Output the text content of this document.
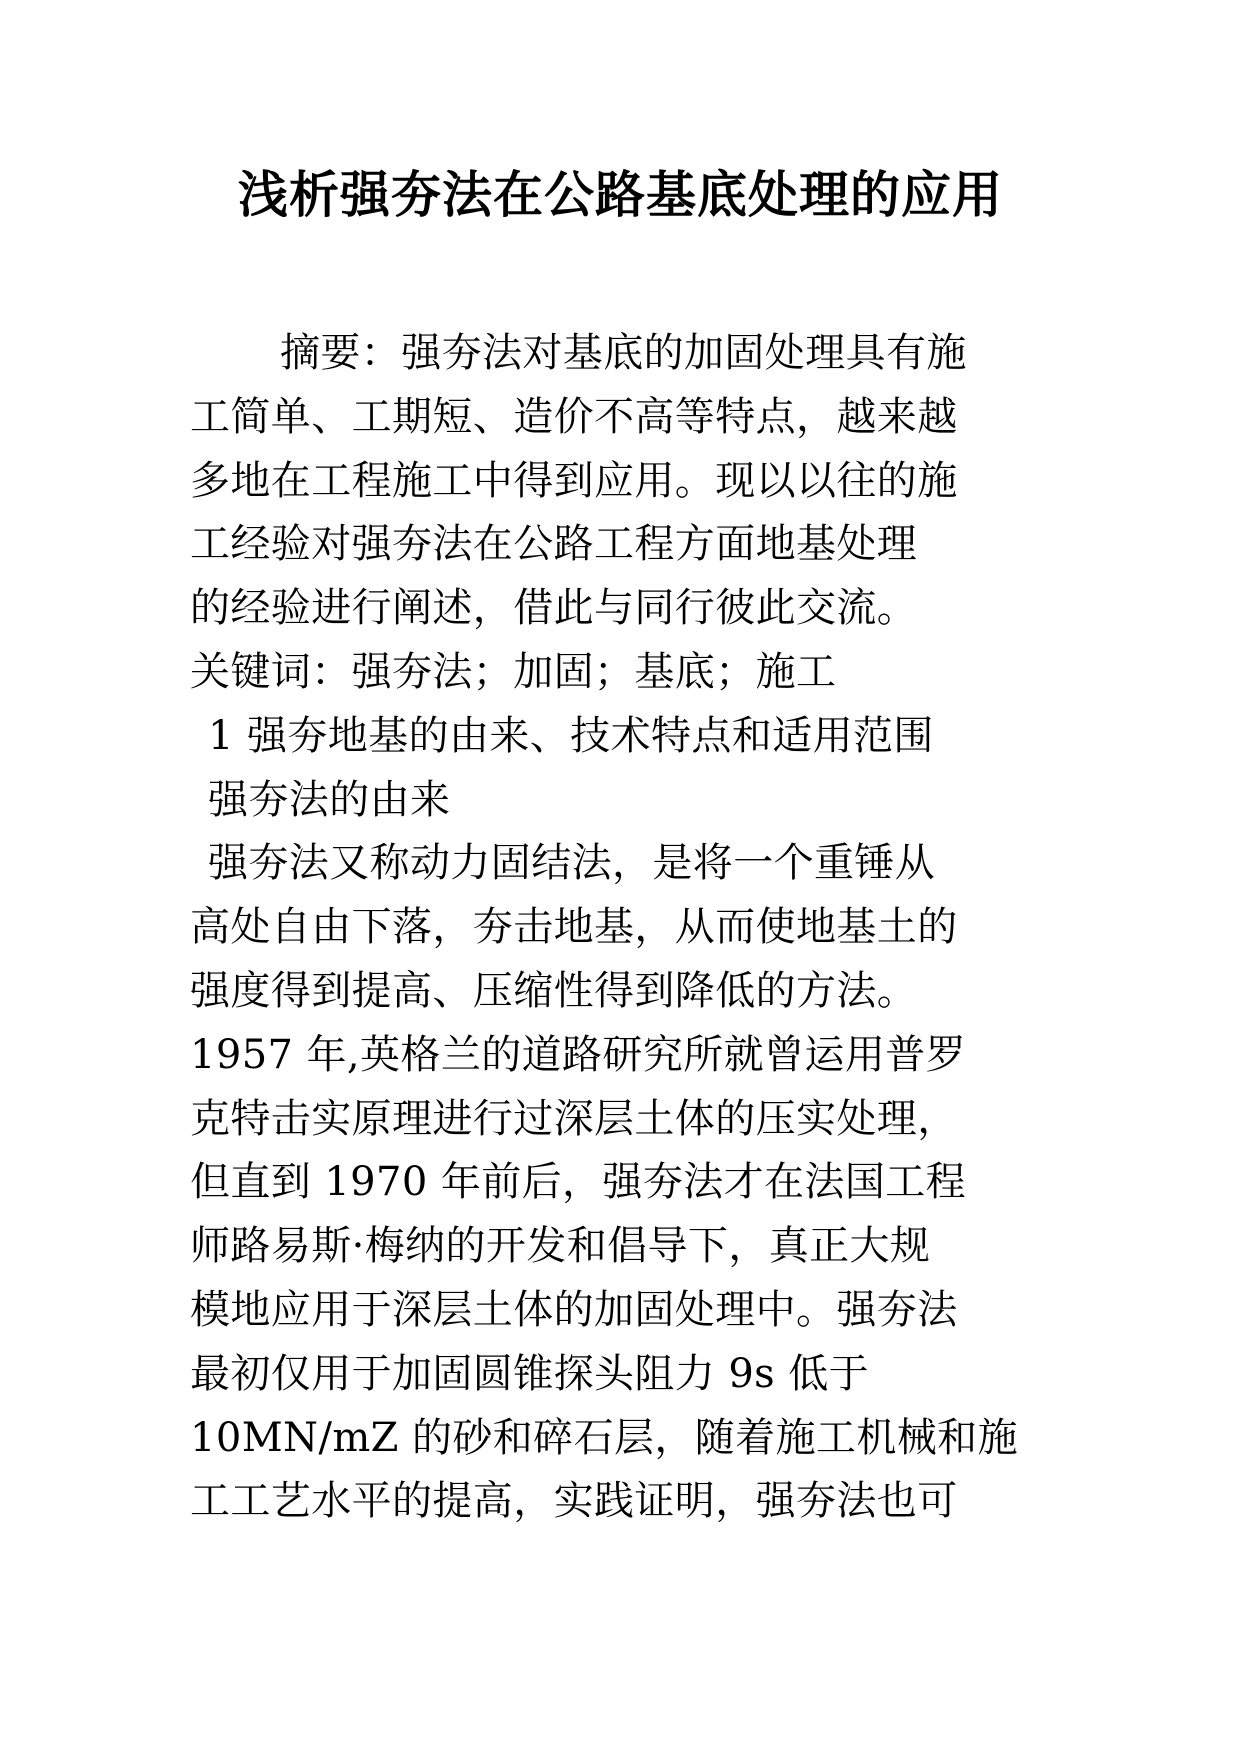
浅析强夯法在公路基底处理的应用
摘要：强夯法对基底的加固处理具有施
工简单、工期短、造价不高等特点，越来越
多地在工程施工中得到应用。现以以往的施
工经验对强夯法在公路工程方面地基处理
的经验进行阐述，借此与同行彼此交流。
关键词：强夯法；加固；基底；施工
1 强夯地基的由来、技术特点和适用范围
强夯法的由来
强夯法又称动力固结法，是将一个重锤从
高处自由下落，夯击地基，从而使地基土的
强度得到提高、压缩性得到降低的方法。
1957 年,英格兰的道路研究所就曾运用普罗
克特击实原理进行过深层土体的压实处理，
但直到 1970 年前后，强夯法才在法国工程
师路易斯·梅纳的开发和倡导下，真正大规
模地应用于深层土体的加固处理中。强夯法
最初仅用于加固圆锥探头阻力 9s 低于
10MN/mZ 的砂和碎石层，随着施工机械和施
工工艺水平的提高，实践证明，强夯法也可
